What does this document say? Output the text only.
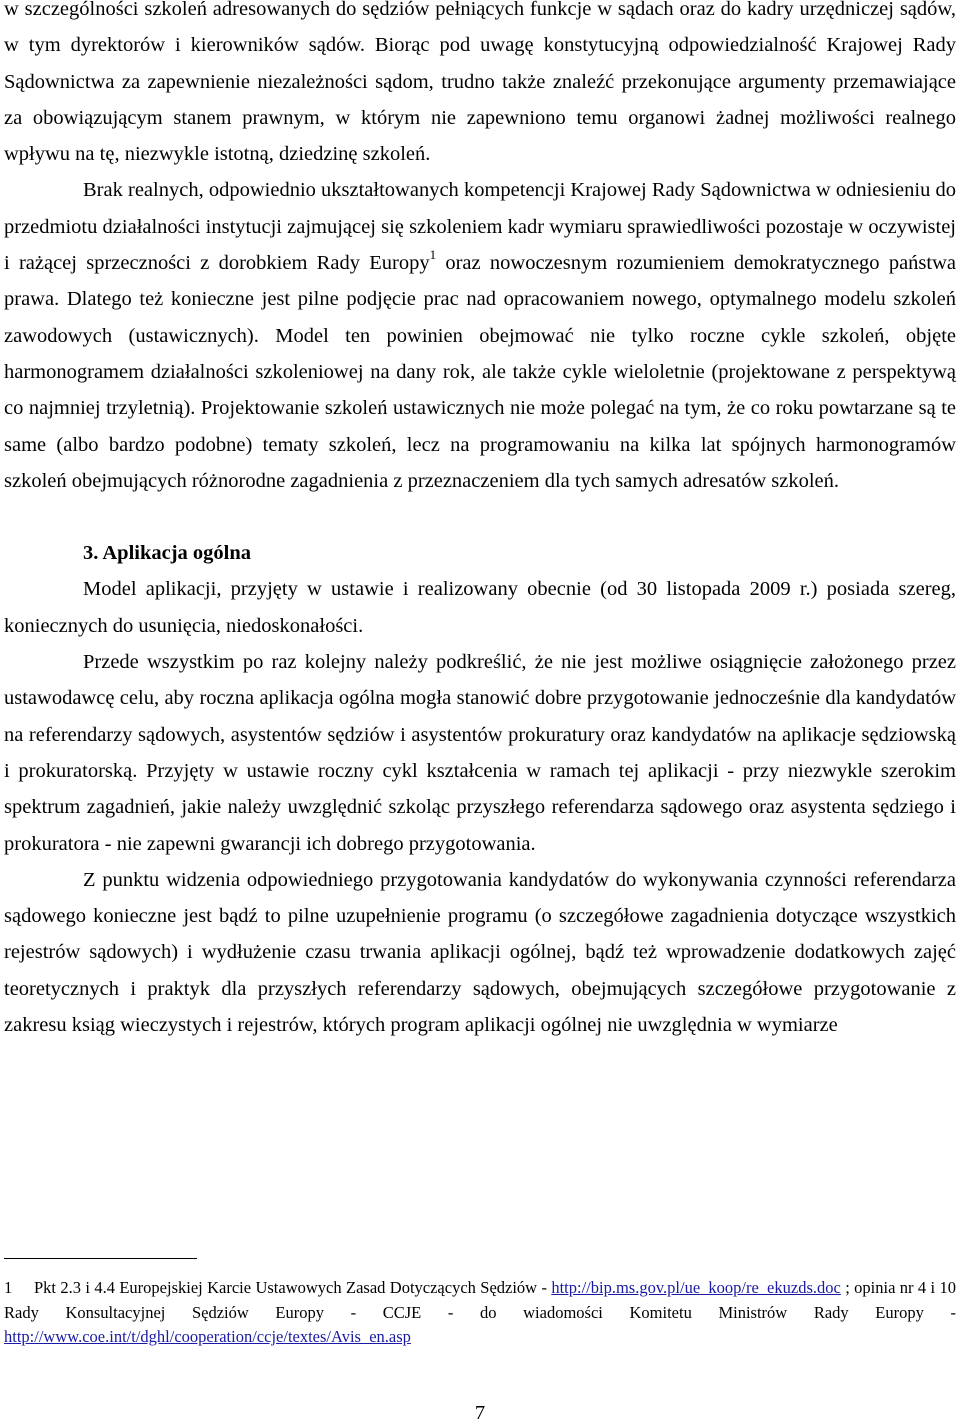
w szczególności szkoleń adresowanych do sędziów pełniących funkcje w sądach oraz do kadry urzędniczej sądów, w tym dyrektorów i kierowników sądów. Biorąc pod uwagę konstytucyjną odpowiedzialność Krajowej Rady Sądownictwa za zapewnienie niezależności sądom, trudno także znaleźć przekonujące argumenty przemawiające za obowiązującym stanem prawnym, w którym nie zapewniono temu organowi żadnej możliwości realnego wpływu na tę, niezwykle istotną, dziedzinę szkoleń.

Brak realnych, odpowiednio ukształtowanych kompetencji Krajowej Rady Sądownictwa w odniesieniu do przedmiotu działalności instytucji zajmującej się szkoleniem kadr wymiaru sprawiedliwości pozostaje w oczywistej i rażącej sprzeczności z dorobkiem Rady Europy$^1$ oraz nowoczesnym rozumieniem demokratycznego państwa prawa. Dlatego też konieczne jest pilne podjęcie prac nad opracowaniem nowego, optymalnego modelu szkoleń zawodowych (ustawicznych). Model ten powinien obejmować nie tylko roczne cykle szkoleń, objęte harmonogramem działalności szkoleniowej na dany rok, ale także cykle wieloletnie (projektowane z perspektywą co najmniej trzyletnią). Projektowanie szkoleń ustawicznych nie może polegać na tym, że co roku powtarzane są te same (albo bardzo podobne) tematy szkoleń, lecz na programowaniu na kilka lat spójnych harmonogramów szkoleń obejmujących różnorodne zagadnienia z przeznaczeniem dla tych samych adresatów szkoleń.

3. Aplikacja ogólna

Model aplikacji, przyjęty w ustawie i realizowany obecnie (od 30 listopada 2009 r.) posiada szereg, koniecznych do usunięcia, niedoskonałości.

Przede wszystkim po raz kolejny należy podkreślić, że nie jest możliwe osiągnięcie założonego przez ustawodawcę celu, aby roczna aplikacja ogólna mogła stanowić dobre przygotowanie jednocześnie dla kandydatów na referendarzy sądowych, asystentów sędziów i asystentów prokuratury oraz kandydatów na aplikacje sędziowską i prokuratorską. Przyjęty w ustawie roczny cykl kształcenia w ramach tej aplikacji - przy niezwykle szerokim spektrum zagadnień, jakie należy uwzględnić szkoląc przyszłego referendarza sądowego oraz asystenta sędziego i prokuratora - nie zapewni gwarancji ich dobrego przygotowania.

Z punktu widzenia odpowiedniego przygotowania kandydatów do wykonywania czynności referendarza sądowego konieczne jest bądź to pilne uzupełnienie programu (o szczegółowe zagadnienia dotyczące wszystkich rejestrów sądowych) i wydłużenie czasu trwania aplikacji ogólnej, bądź też wprowadzenie dodatkowych zajęć teoretycznych i praktyk dla przyszłych referendarzy sądowych, obejmujących szczegółowe przygotowanie z zakresu ksiąg wieczystych i rejestrów, których program aplikacji ogólnej nie uwzględnia w wymiarze

1 Pkt 2.3 i 4.4 Europejskiej Karcie Ustawowych Zasad Dotyczących Sędziów - http://bip.ms.gov.pl/ue_koop/re_ekuzds.doc ; opinia nr 4 i 10 Rady Konsultacyjnej Sędziów Europy - CCJE - do wiadomości Komitetu Ministrów Rady Europy - http://www.coe.int/t/dghl/cooperation/ccje/textes/Avis_en.asp
7
